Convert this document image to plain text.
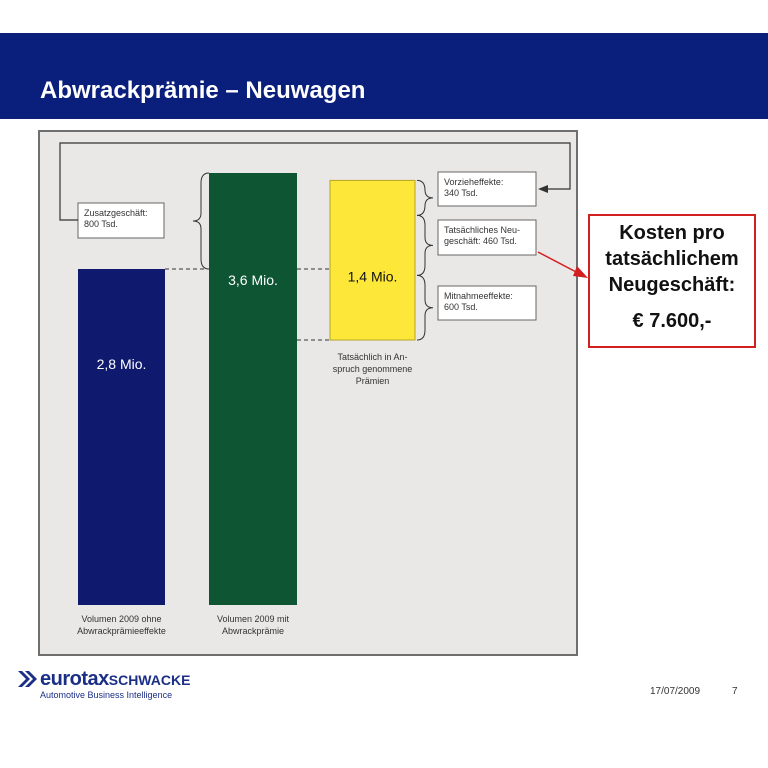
Abwrackprämie – Neuwagen
2,8 Mio.
3,6 Mio.	1,4 Mio.
Volumen 2009 ohne
Abwrackprämieeffekte
Volumen 2009 mit
Abwrackprämie
Tatsächlich in An-
spruch genommene
Prämien
Zusatzgeschäft:
800 Tsd.
Vorzieheffekte:
340 Tsd.
Tatsächliches Neu-
geschäft: 460 Tsd.
Mitnahmeeffekte:
600 Tsd.
Kosten pro
tatsächlichem
Neugeschäft:
€ 7.600,-
eurotaxSCHWACKE
Automotive Business Intelligence	17/07/2009	7
